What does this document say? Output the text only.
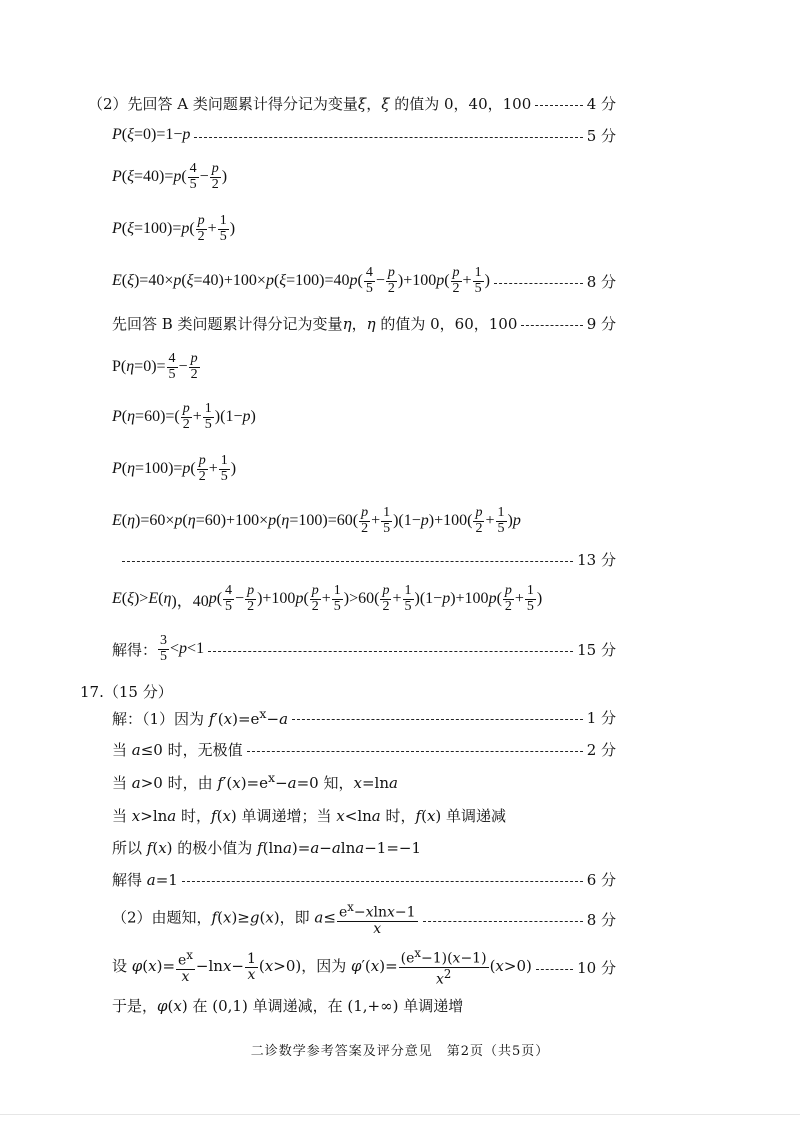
（2）先回答 A 类问题累计得分记为变量ξ，ξ 的值为 0，40，100	4 分
P ( ξ =0)=1− p	5 分
P ( ξ =40)= p ( $\frac{4}{5} - \frac{p}{2}$ )
P ( ξ =100)= p ( $\frac{p}{2} + \frac{1}{5}$ )
E ( ξ )=40× p ( ξ =40)+100× p ( ξ =100)=40 p ( $\frac{4}{5} - \frac{p}{2} )+100$ p ( $\frac{p}{2} + \frac{1}{5}$ )	8 分
先回答 B 类问题累计得分记为变量η，η 的值为 0，60，100	9 分
P( $\eta =0)= \frac{4}{5} - \frac{p}{2}$
P ( $\eta =60)=( \frac{p}{2} + \frac{1}{5} )(1- p$ )
P ( η =100)= p ( $\frac{p}{2} + \frac{1}{5}$ )
E ( η )=60× p ( η =60)+100× p ( $\eta =100)=60( \frac{p}{2} + \frac{1}{5} )(1- p$ )$+100( \frac{p}{2} + \frac{1}{5}$ ) p
13 分
E ( ξ )> E ( η )，40 p ( $\frac{4}{5} - \frac{p}{2} )+100$ p ( $\frac{p}{2} + \frac{1}{5} )>60( \frac{p}{2} + \frac{1}{5} )(1- p$ )+100 p ( $\frac{p}{2} + \frac{1}{5}$ )
解得： $\frac{3}{5} < p <1$	15 分
17.（15 分）
解：（1）因为 $f'(x)=e^x-a$	1 分
当 a≤0 时，无极值	2 分
当 a>0 时，由 $f'(x)=e^x-a=0$ 知，x=lna
当 x>lna 时，f(x) 单调递增；当 x<lna 时，f(x) 单调递减
所以 f(x) 的极小值为 f(lna)=a−alna−1=−1
解得 a=1	6 分
（2）由题知，f(x)≥g(x)，即 $a\le \frac{e^x-xlnx-1}{x}$	8 分
设 $\varphi(x)= \frac{e^x}{x} -\ln x- \frac{1}{x} (x>0)$，因为 $\varphi'(x)= \frac{(e^x-1)(x-1)}{x^2} (x>0)$	10 分
于是，φ(x) 在 (0,1) 单调递减，在 (1,+∞) 单调递增
二诊数学参考答案及评分意见　第2页（共5页）
